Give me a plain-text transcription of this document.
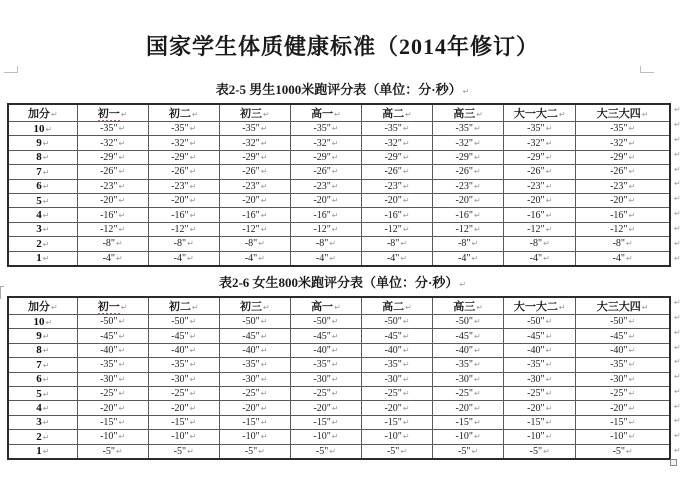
国家学生体质健康标准（2014年修订）
表2-5 男生1000米跑评分表（单位：分·秒）↵
加分↵	初一↵	初二↵	初三↵	高一↵	高二↵	高三↵	大一大二↵	大三大四↵
10↵	-35"↵	-35"↵	-35"↵	-35"↵	-35"↵	-35"↵	-35"↵	-35"↵
9↵	-32"↵	-32"↵	-32"↵	-32"↵	-32"↵	-32"↵	-32"↵	-32"↵
8↵	-29"↵	-29"↵	-29"↵	-29"↵	-29"↵	-29"↵	-29"↵	-29"↵
7↵	-26"↵	-26"↵	-26"↵	-26"↵	-26"↵	-26"↵	-26"↵	-26"↵
6↵	-23"↵	-23"↵	-23"↵	-23"↵	-23"↵	-23"↵	-23"↵	-23"↵
5↵	-20"↵	-20"↵	-20"↵	-20"↵	-20"↵	-20"↵	-20"↵	-20"↵
4↵	-16"↵	-16"↵	-16"↵	-16"↵	-16"↵	-16"↵	-16"↵	-16"↵
3↵	-12"↵	-12"↵	-12"↵	-12"↵	-12"↵	-12"↵	-12"↵	-12"↵
2↵	-8"↵	-8"↵	-8"↵	-8"↵	-8"↵	-8"↵	-8"↵	-8"↵
1↵	-4"↵	-4"↵	-4"↵	-4"↵	-4"↵	-4"↵	-4"↵	-4"↵
↵
↵
↵
↵
↵
↵
↵
↵
↵
↵
↵
表2-6 女生800米跑评分表（单位：分·秒）↵
加分↵	初一↵	初二↵	初三↵	高一↵	高二↵	高三↵	大一大二↵	大三大四↵
10↵	-50"↵	-50"↵	-50"↵	-50"↵	-50"↵	-50"↵	-50"↵	-50"↵
9↵	-45"↵	-45"↵	-45"↵	-45"↵	-45"↵	-45"↵	-45"↵	-45"↵
8↵	-40"↵	-40"↵	-40"↵	-40"↵	-40"↵	-40"↵	-40"↵	-40"↵
7↵	-35"↵	-35"↵	-35"↵	-35"↵	-35"↵	-35"↵	-35"↵	-35"↵
6↵	-30"↵	-30"↵	-30"↵	-30"↵	-30"↵	-30"↵	-30"↵	-30"↵
5↵	-25"↵	-25"↵	-25"↵	-25"↵	-25"↵	-25"↵	-25"↵	-25"↵
4↵	-20"↵	-20"↵	-20"↵	-20"↵	-20"↵	-20"↵	-20"↵	-20"↵
3↵	-15"↵	-15"↵	-15"↵	-15"↵	-15"↵	-15"↵	-15"↵	-15"↵
2↵	-10"↵	-10"↵	-10"↵	-10"↵	-10"↵	-10"↵	-10"↵	-10"↵
1↵	-5"↵	-5"↵	-5"↵	-5"↵	-5"↵	-5"↵	-5"↵	-5"↵
↵
↵
↵
↵
↵
↵
↵
↵
↵
↵
↵
